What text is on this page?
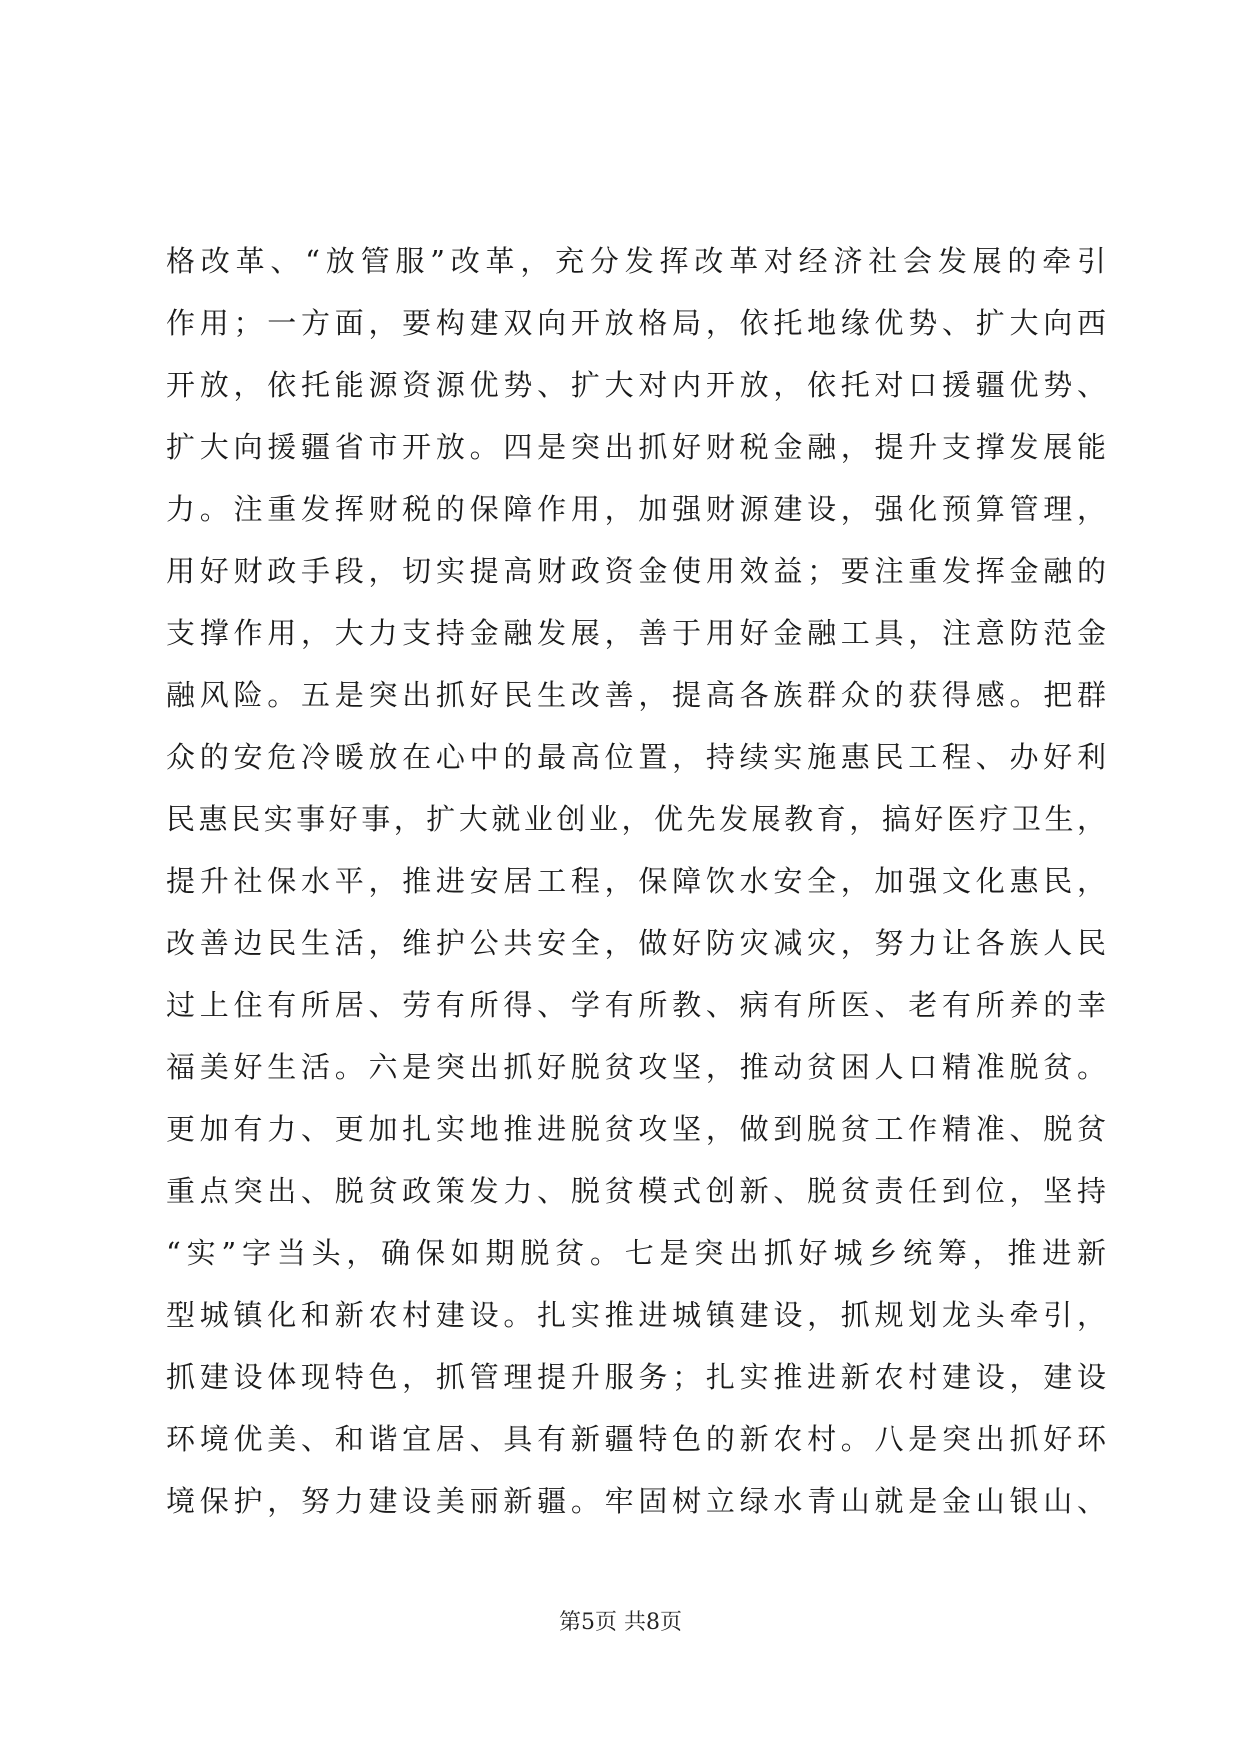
格改革、“放管服”改革，充分发挥改革对经济社会发展的牵引
作用；一方面，要构建双向开放格局，依托地缘优势、扩大向西
开放，依托能源资源优势、扩大对内开放，依托对口援疆优势、
扩大向援疆省市开放。四是突出抓好财税金融，提升支撑发展能
力。注重发挥财税的保障作用，加强财源建设，强化预算管理，
用好财政手段，切实提高财政资金使用效益；要注重发挥金融的
支撑作用，大力支持金融发展，善于用好金融工具，注意防范金
融风险。五是突出抓好民生改善，提高各族群众的获得感。把群
众的安危冷暖放在心中的最高位置，持续实施惠民工程、办好利
民惠民实事好事，扩大就业创业，优先发展教育，搞好医疗卫生，
提升社保水平，推进安居工程，保障饮水安全，加强文化惠民，
改善边民生活，维护公共安全，做好防灾减灾，努力让各族人民
过上住有所居、劳有所得、学有所教、病有所医、老有所养的幸
福美好生活。六是突出抓好脱贫攻坚，推动贫困人口精准脱贫。
更加有力、更加扎实地推进脱贫攻坚，做到脱贫工作精准、脱贫
重点突出、脱贫政策发力、脱贫模式创新、脱贫责任到位，坚持
“实”字当头，确保如期脱贫。七是突出抓好城乡统筹，推进新
型城镇化和新农村建设。扎实推进城镇建设，抓规划龙头牵引，
抓建设体现特色，抓管理提升服务；扎实推进新农村建设，建设
环境优美、和谐宜居、具有新疆特色的新农村。八是突出抓好环
境保护，努力建设美丽新疆。牢固树立绿水青山就是金山银山、
第5页 共8页
